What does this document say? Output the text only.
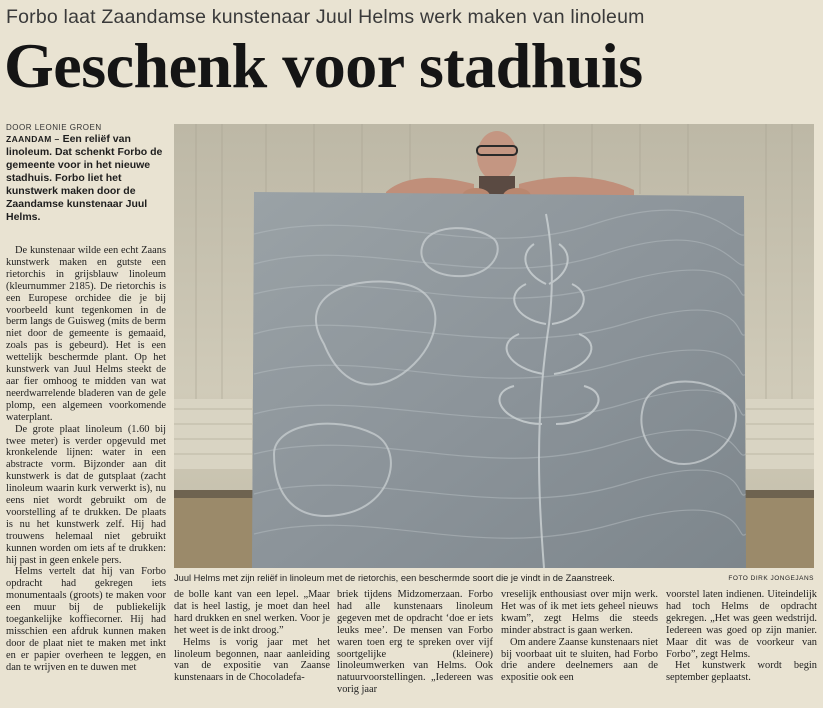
Forbo laat Zaandamse kunstenaar Juul Helms werk maken van linoleum
Geschenk voor stadhuis
DOOR LEONIE GROEN
ZAANDAM – Een reliëf van linoleum. Dat schenkt Forbo de gemeente voor in het nieuwe stadhuis. Forbo liet het kunstwerk maken door de Zaandamse kunstenaar Juul Helms.

De kunstenaar wilde een echt Zaans kunstwerk maken en gutste een rietorchis in grijsblauw linoleum (kleurnummer 2185). De rietorchis is een Europese orchidee die je bij voorbeeld kunt tegenkomen in de berm langs de Guisweg (mits de berm niet door de gemeente is gemaaid, zoals pas is gebeurd). Het is een wettelijk beschermde plant. Op het kunstwerk van Juul Helms steekt de aar fier omhoog te midden van wat neerdwarrelende bladeren van de gele plomp, een algemeen voorkomende waterplant.

De grote plaat linoleum (1.60 bij twee meter) is verder opgevuld met kronkelende lijnen: water in een abstracte vorm. Bijzonder aan dit kunstwerk is dat de gutsplaat (zacht linoleum waarin kurk verwerkt is), nu eens niet wordt gebruikt om de voorstelling af te drukken. De plaats is nu het kunstwerk zelf. Hij had trouwens helemaal niet gebruikt kunnen worden om iets af te drukken: hij past in geen enkele pers.

Helms vertelt dat hij van Forbo opdracht had gekregen iets monumentaals (groots) te maken voor een muur bij de publiekelijk toegankelijke koffiecorner. Hij had misschien een afdruk kunnen maken door de plaat niet te maken met inkt en er papier overheen te leggen, en dan te wrijven en te duwen met

Juul Helms met zijn reliëf in linoleum met de rietorchis, een beschermde soort die je vindt in de Zaanstreek.	FOTO DIRK JONGEJANS

de bolle kant van een lepel. „Maar dat is heel lastig, je moet dan heel hard drukken en snel werken. Voor je het weet is de inkt droog.”

Helms is vorig jaar met het linoleum begonnen, naar aanleiding van de expositie van Zaanse kunstenaars in de Chocoladefa-

briek tijdens Midzomerzaan. Forbo had alle kunstenaars linoleum gegeven met de opdracht ‘doe er iets leuks mee’. De mensen van Forbo waren toen erg te spreken over vijf soortgelijke (kleinere) linoleumwerken van Helms. Ook natuurvoorstellingen. „Iedereen was vorig jaar

vreselijk enthousiast over mijn werk. Het was of ik met iets geheel nieuws kwam”, zegt Helms die steeds minder abstract is gaan werken.

Om andere Zaanse kunstenaars niet bij voorbaat uit te sluiten, had Forbo drie andere deelnemers aan de expositie ook een

voorstel laten indienen. Uiteindelijk had toch Helms de opdracht gekregen. „Het was geen wedstrijd. Iedereen was goed op zijn manier. Maar dit was de voorkeur van Forbo”, zegt Helms.

Het kunstwerk wordt begin september geplaatst.
